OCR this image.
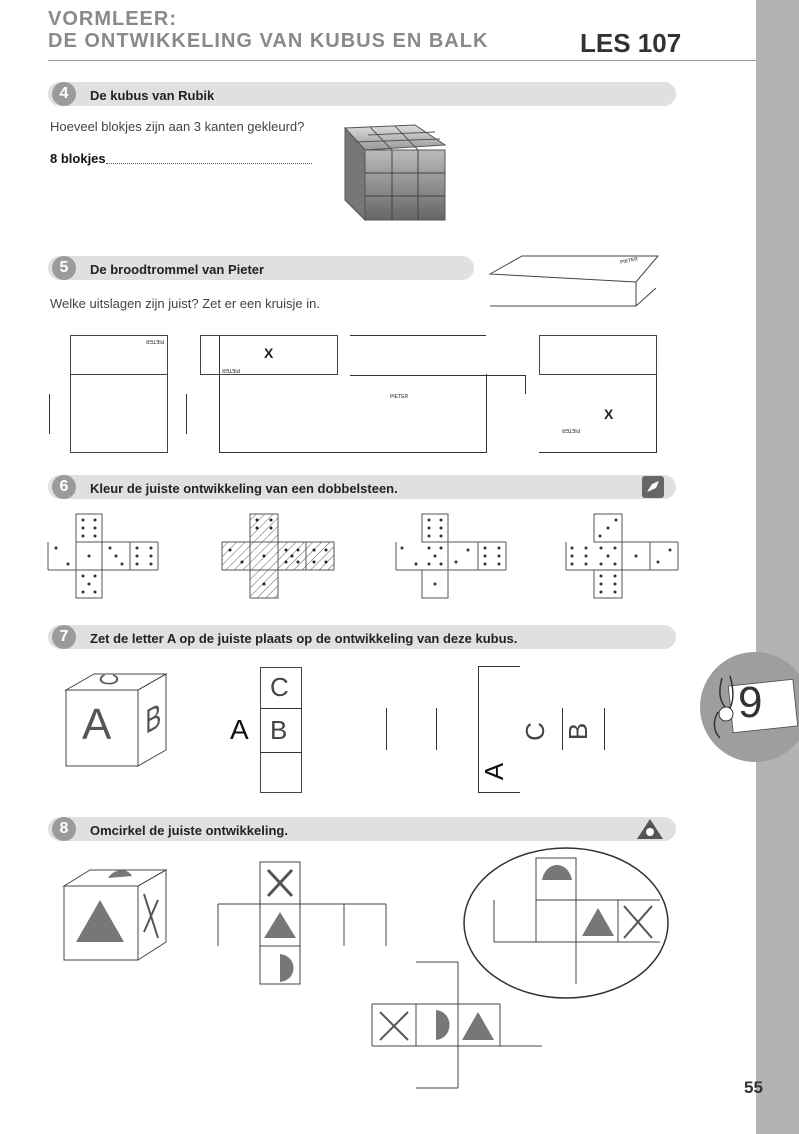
VORMLEER:
DE ONTWIKKELING VAN KUBUS EN BALK	LES 107
9
4	De kubus van Rubik
Hoeveel blokjes zijn aan 3 kanten gekleurd?
8 blokjes
5	De broodtrommel van Pieter
Welke uitslagen zijn juist? Zet er een kruisje in.
PIETER
PIETER
X
PIETER
PIETER
X
PIETER
6	Kleur de juiste ontwikkeling van een dobbelsteen.
7	Zet de letter A op de juiste plaats op de ontwikkeling van deze kubus.
C
A B
C
B
A	C B
A
8	Omcirkel de juiste ontwikkeling.
55
